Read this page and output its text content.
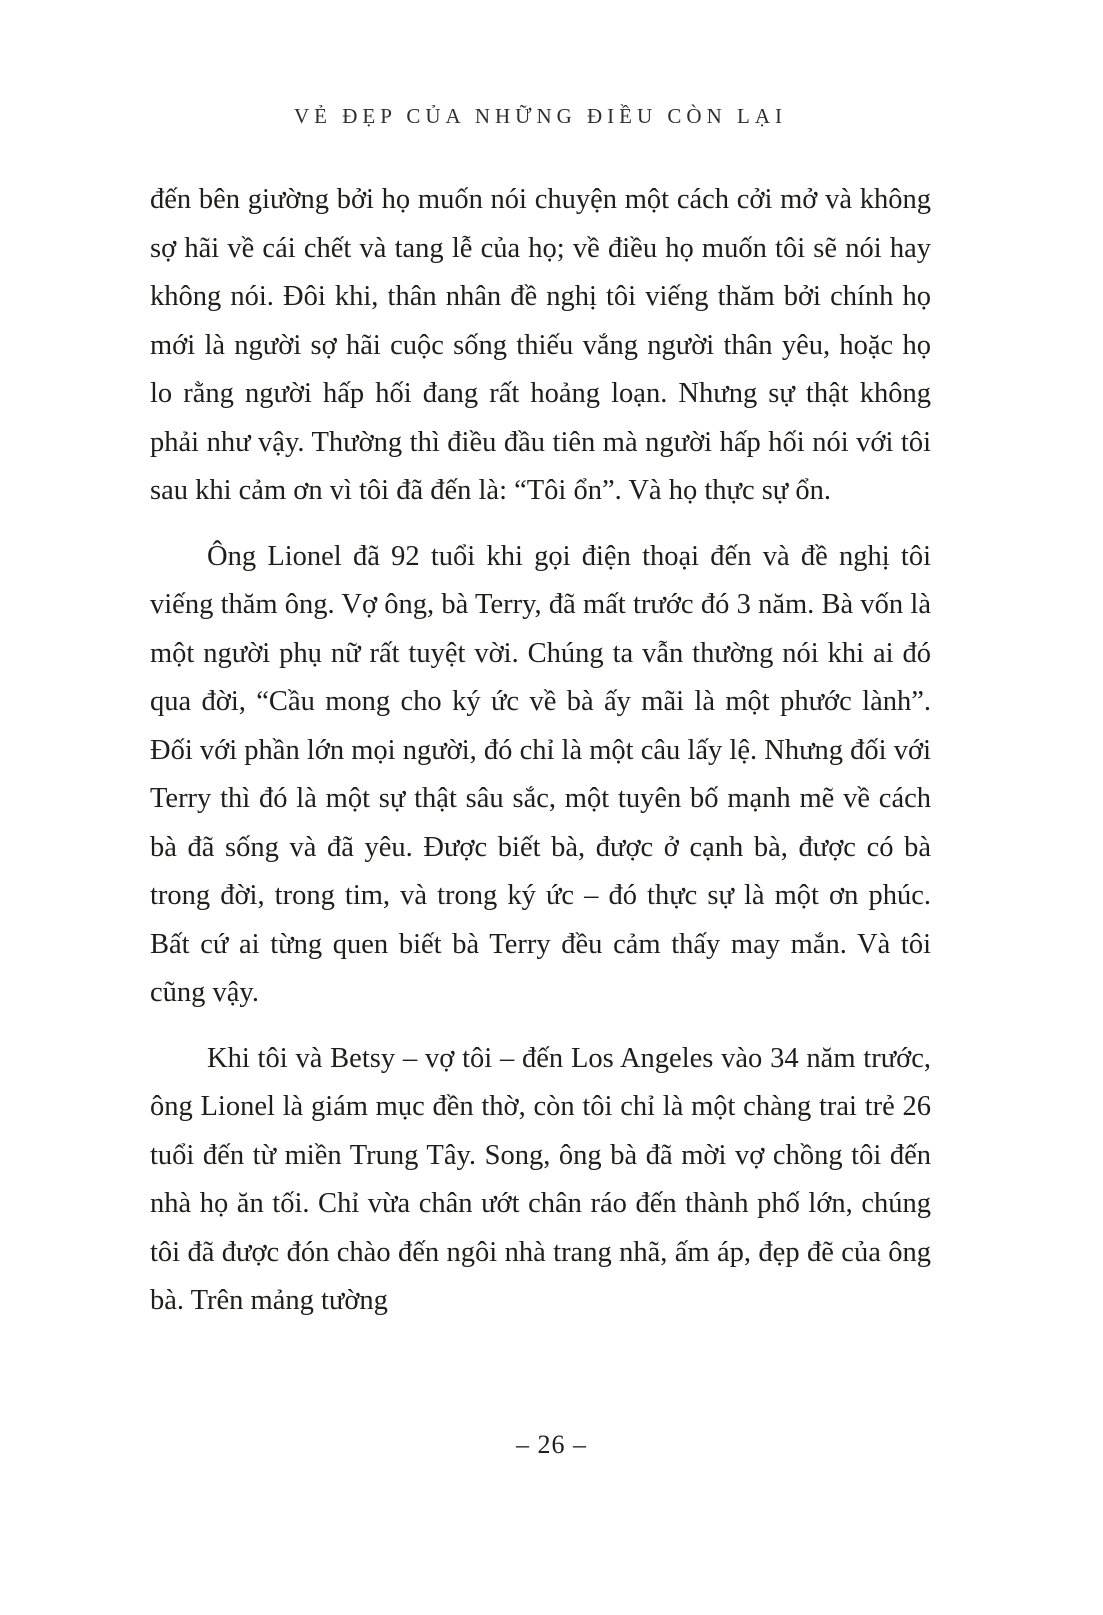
VẺ ĐẸP CỦA NHỮNG ĐIỀU CÒN LẠI

đến bên giường bởi họ muốn nói chuyện một cách cởi mở và không sợ hãi về cái chết và tang lễ của họ; về điều họ muốn tôi sẽ nói hay không nói. Đôi khi, thân nhân đề nghị tôi viếng thăm bởi chính họ mới là người sợ hãi cuộc sống thiếu vắng người thân yêu, hoặc họ lo rằng người hấp hối đang rất hoảng loạn. Nhưng sự thật không phải như vậy. Thường thì điều đầu tiên mà người hấp hối nói với tôi sau khi cảm ơn vì tôi đã đến là: “Tôi ổn”. Và họ thực sự ổn.

Ông Lionel đã 92 tuổi khi gọi điện thoại đến và đề nghị tôi viếng thăm ông. Vợ ông, bà Terry, đã mất trước đó 3 năm. Bà vốn là một người phụ nữ rất tuyệt vời. Chúng ta vẫn thường nói khi ai đó qua đời, “Cầu mong cho ký ức về bà ấy mãi là một phước lành”. Đối với phần lớn mọi người, đó chỉ là một câu lấy lệ. Nhưng đối với Terry thì đó là một sự thật sâu sắc, một tuyên bố mạnh mẽ về cách bà đã sống và đã yêu. Được biết bà, được ở cạnh bà, được có bà trong đời, trong tim, và trong ký ức – đó thực sự là một ơn phúc. Bất cứ ai từng quen biết bà Terry đều cảm thấy may mắn. Và tôi cũng vậy.

Khi tôi và Betsy – vợ tôi – đến Los Angeles vào 34 năm trước, ông Lionel là giám mục đền thờ, còn tôi chỉ là một chàng trai trẻ 26 tuổi đến từ miền Trung Tây. Song, ông bà đã mời vợ chồng tôi đến nhà họ ăn tối. Chỉ vừa chân ướt chân ráo đến thành phố lớn, chúng tôi đã được đón chào đến ngôi nhà trang nhã, ấm áp, đẹp đẽ của ông bà. Trên mảng tường

– 26 –
